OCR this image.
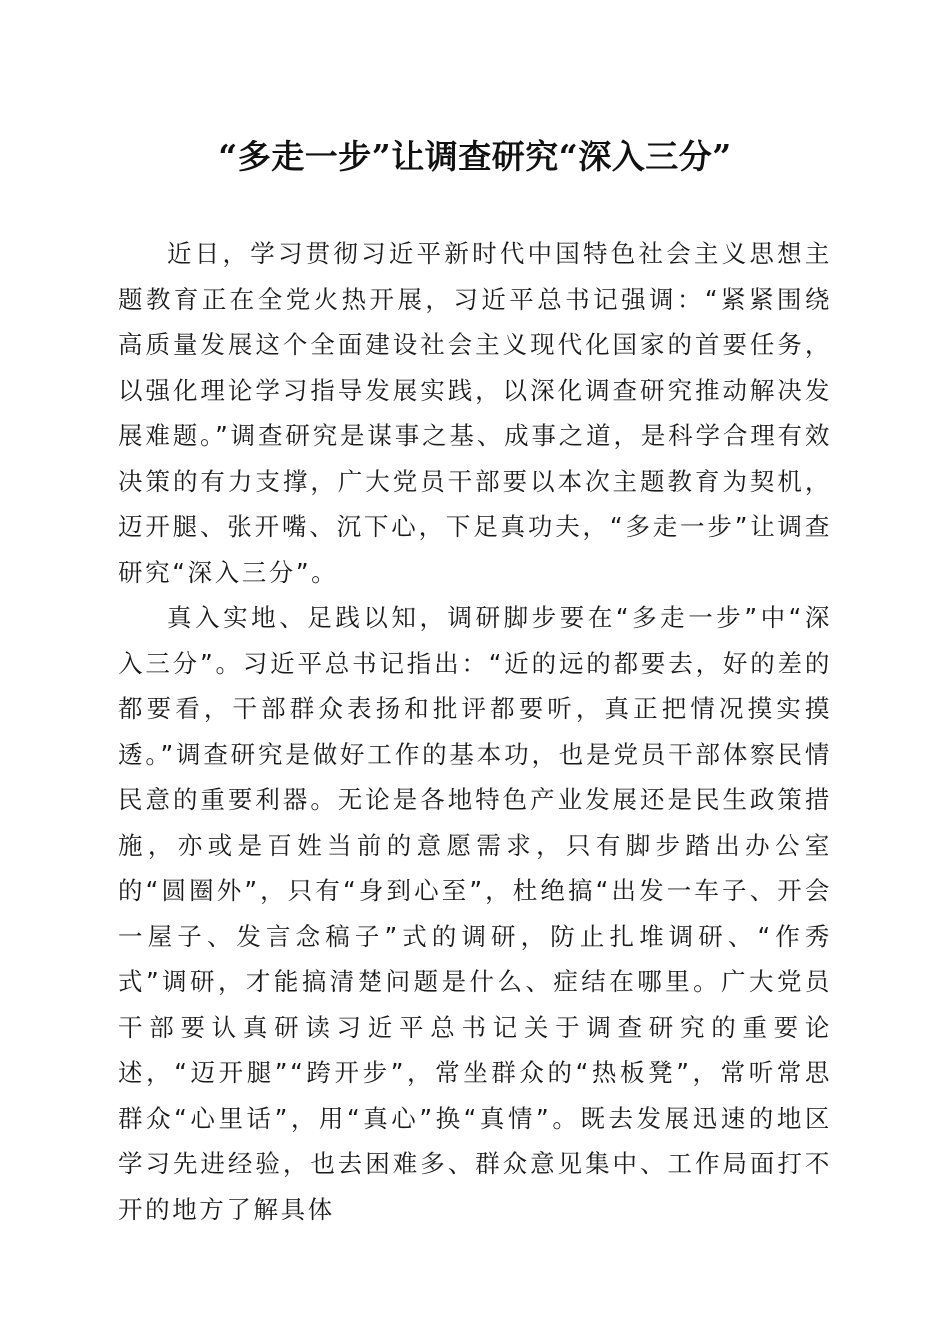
“多走一步”让调查研究“深入三分”

近日，学习贯彻习近平新时代中国特色社会主义思想主题教育正在全党火热开展，习近平总书记强调：“紧紧围绕高质量发展这个全面建设社会主义现代化国家的首要任务，以强化理论学习指导发展实践，以深化调查研究推动解决发展难题。”调查研究是谋事之基、成事之道，是科学合理有效决策的有力支撑，广大党员干部要以本次主题教育为契机，迈开腿、张开嘴、沉下心，下足真功夫，“多走一步”让调查研究“深入三分”。

真入实地、足践以知，调研脚步要在“多走一步”中“深入三分”。习近平总书记指出：“近的远的都要去，好的差的都要看，干部群众表扬和批评都要听，真正把情况摸实摸透。”调查研究是做好工作的基本功，也是党员干部体察民情民意的重要利器。无论是各地特色产业发展还是民生政策措施，亦或是百姓当前的意愿需求，只有脚步踏出办公室的“圆圈外”，只有“身到心至”，杜绝搞“出发一车子、开会一屋子、发言念稿子”式的调研，防止扎堆调研、“作秀式”调研，才能搞清楚问题是什么、症结在哪里。广大党员干部要认真研读习近平总书记关于调查研究的重要论述，“迈开腿”“跨开步”，常坐群众的“热板凳”，常听常思群众“心里话”，用“真心”换“真情”。既去发展迅速的地区学习先进经验，也去困难多、群众意见集中、工作局面打不开的地方了解具体
